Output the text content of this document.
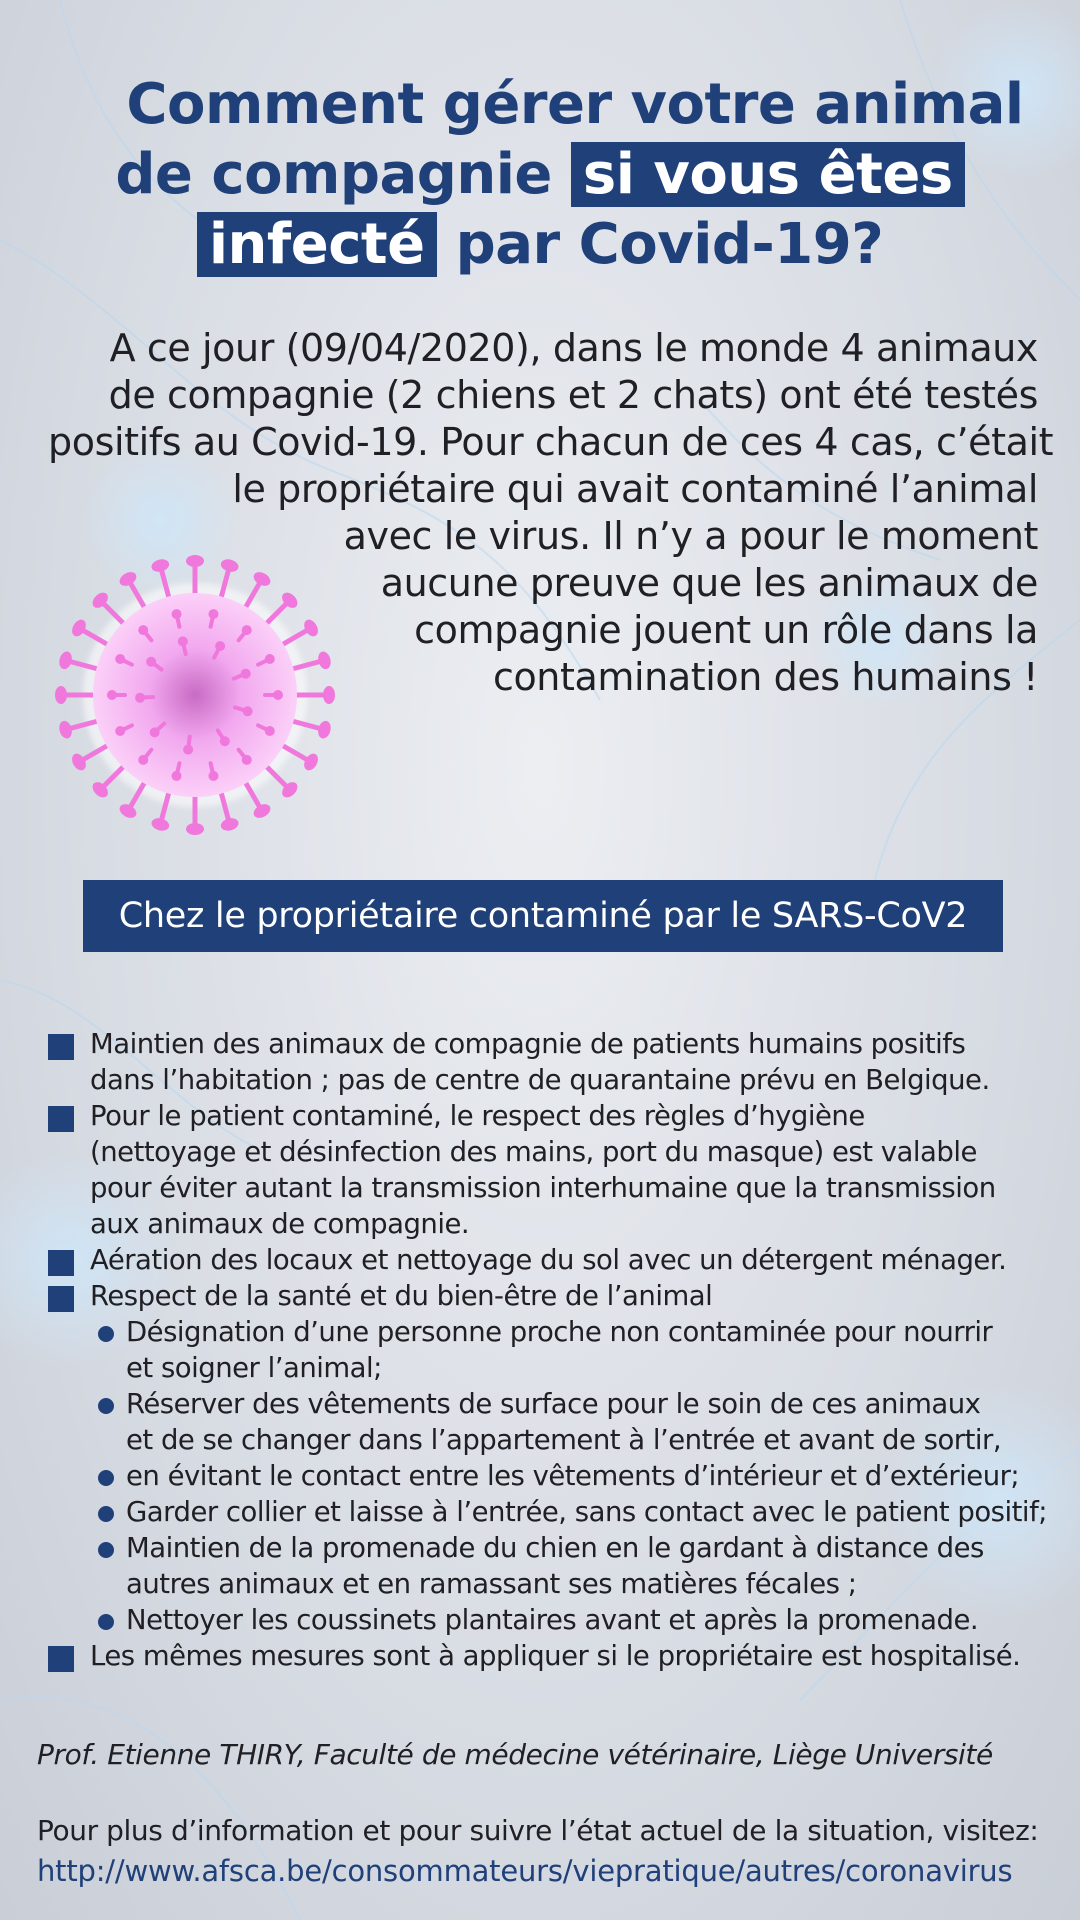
Comment gérer votre animal
de compagnie si vous êtes
infecté par Covid-19?
A ce jour (09/04/2020), dans le monde 4 animaux
de compagnie (2 chiens et 2 chats) ont été testés
positifs au Covid-19. Pour chacun de ces 4 cas, c’était
le propriétaire qui avait contaminé l’animal
avec le virus. Il n’y a pour le moment
aucune preuve que les animaux de
compagnie jouent un rôle dans la
contamination des humains !
Chez le propriétaire contaminé par le SARS-CoV2
Maintien des animaux de compagnie de patients humains positifs
dans l’habitation ; pas de centre de quarantaine prévu en Belgique.
Pour le patient contaminé, le respect des règles d’hygiène
(nettoyage et désinfection des mains, port du masque) est valable
pour éviter autant la transmission interhumaine que la transmission
aux animaux de compagnie.
Aération des locaux et nettoyage du sol avec un détergent ménager.
Respect de la santé et du bien-être de l’animal
Désignation d’une personne proche non contaminée pour nourrir
et soigner l’animal;
Réserver des vêtements de surface pour le soin de ces animaux
et de se changer dans l’appartement à l’entrée et avant de sortir,
en évitant le contact entre les vêtements d’intérieur et d’extérieur;
Garder collier et laisse à l’entrée, sans contact avec le patient positif;
Maintien de la promenade du chien en le gardant à distance des
autres animaux et en ramassant ses matières fécales ;
Nettoyer les coussinets plantaires avant et après la promenade.
Les mêmes mesures sont à appliquer si le propriétaire est hospitalisé.
Prof. Etienne THIRY, Faculté de médecine vétérinaire, Liège Université
Pour plus d’information et pour suivre l’état actuel de la situation, visitez:
http://www.afsca.be/consommateurs/viepratique/autres/coronavirus
